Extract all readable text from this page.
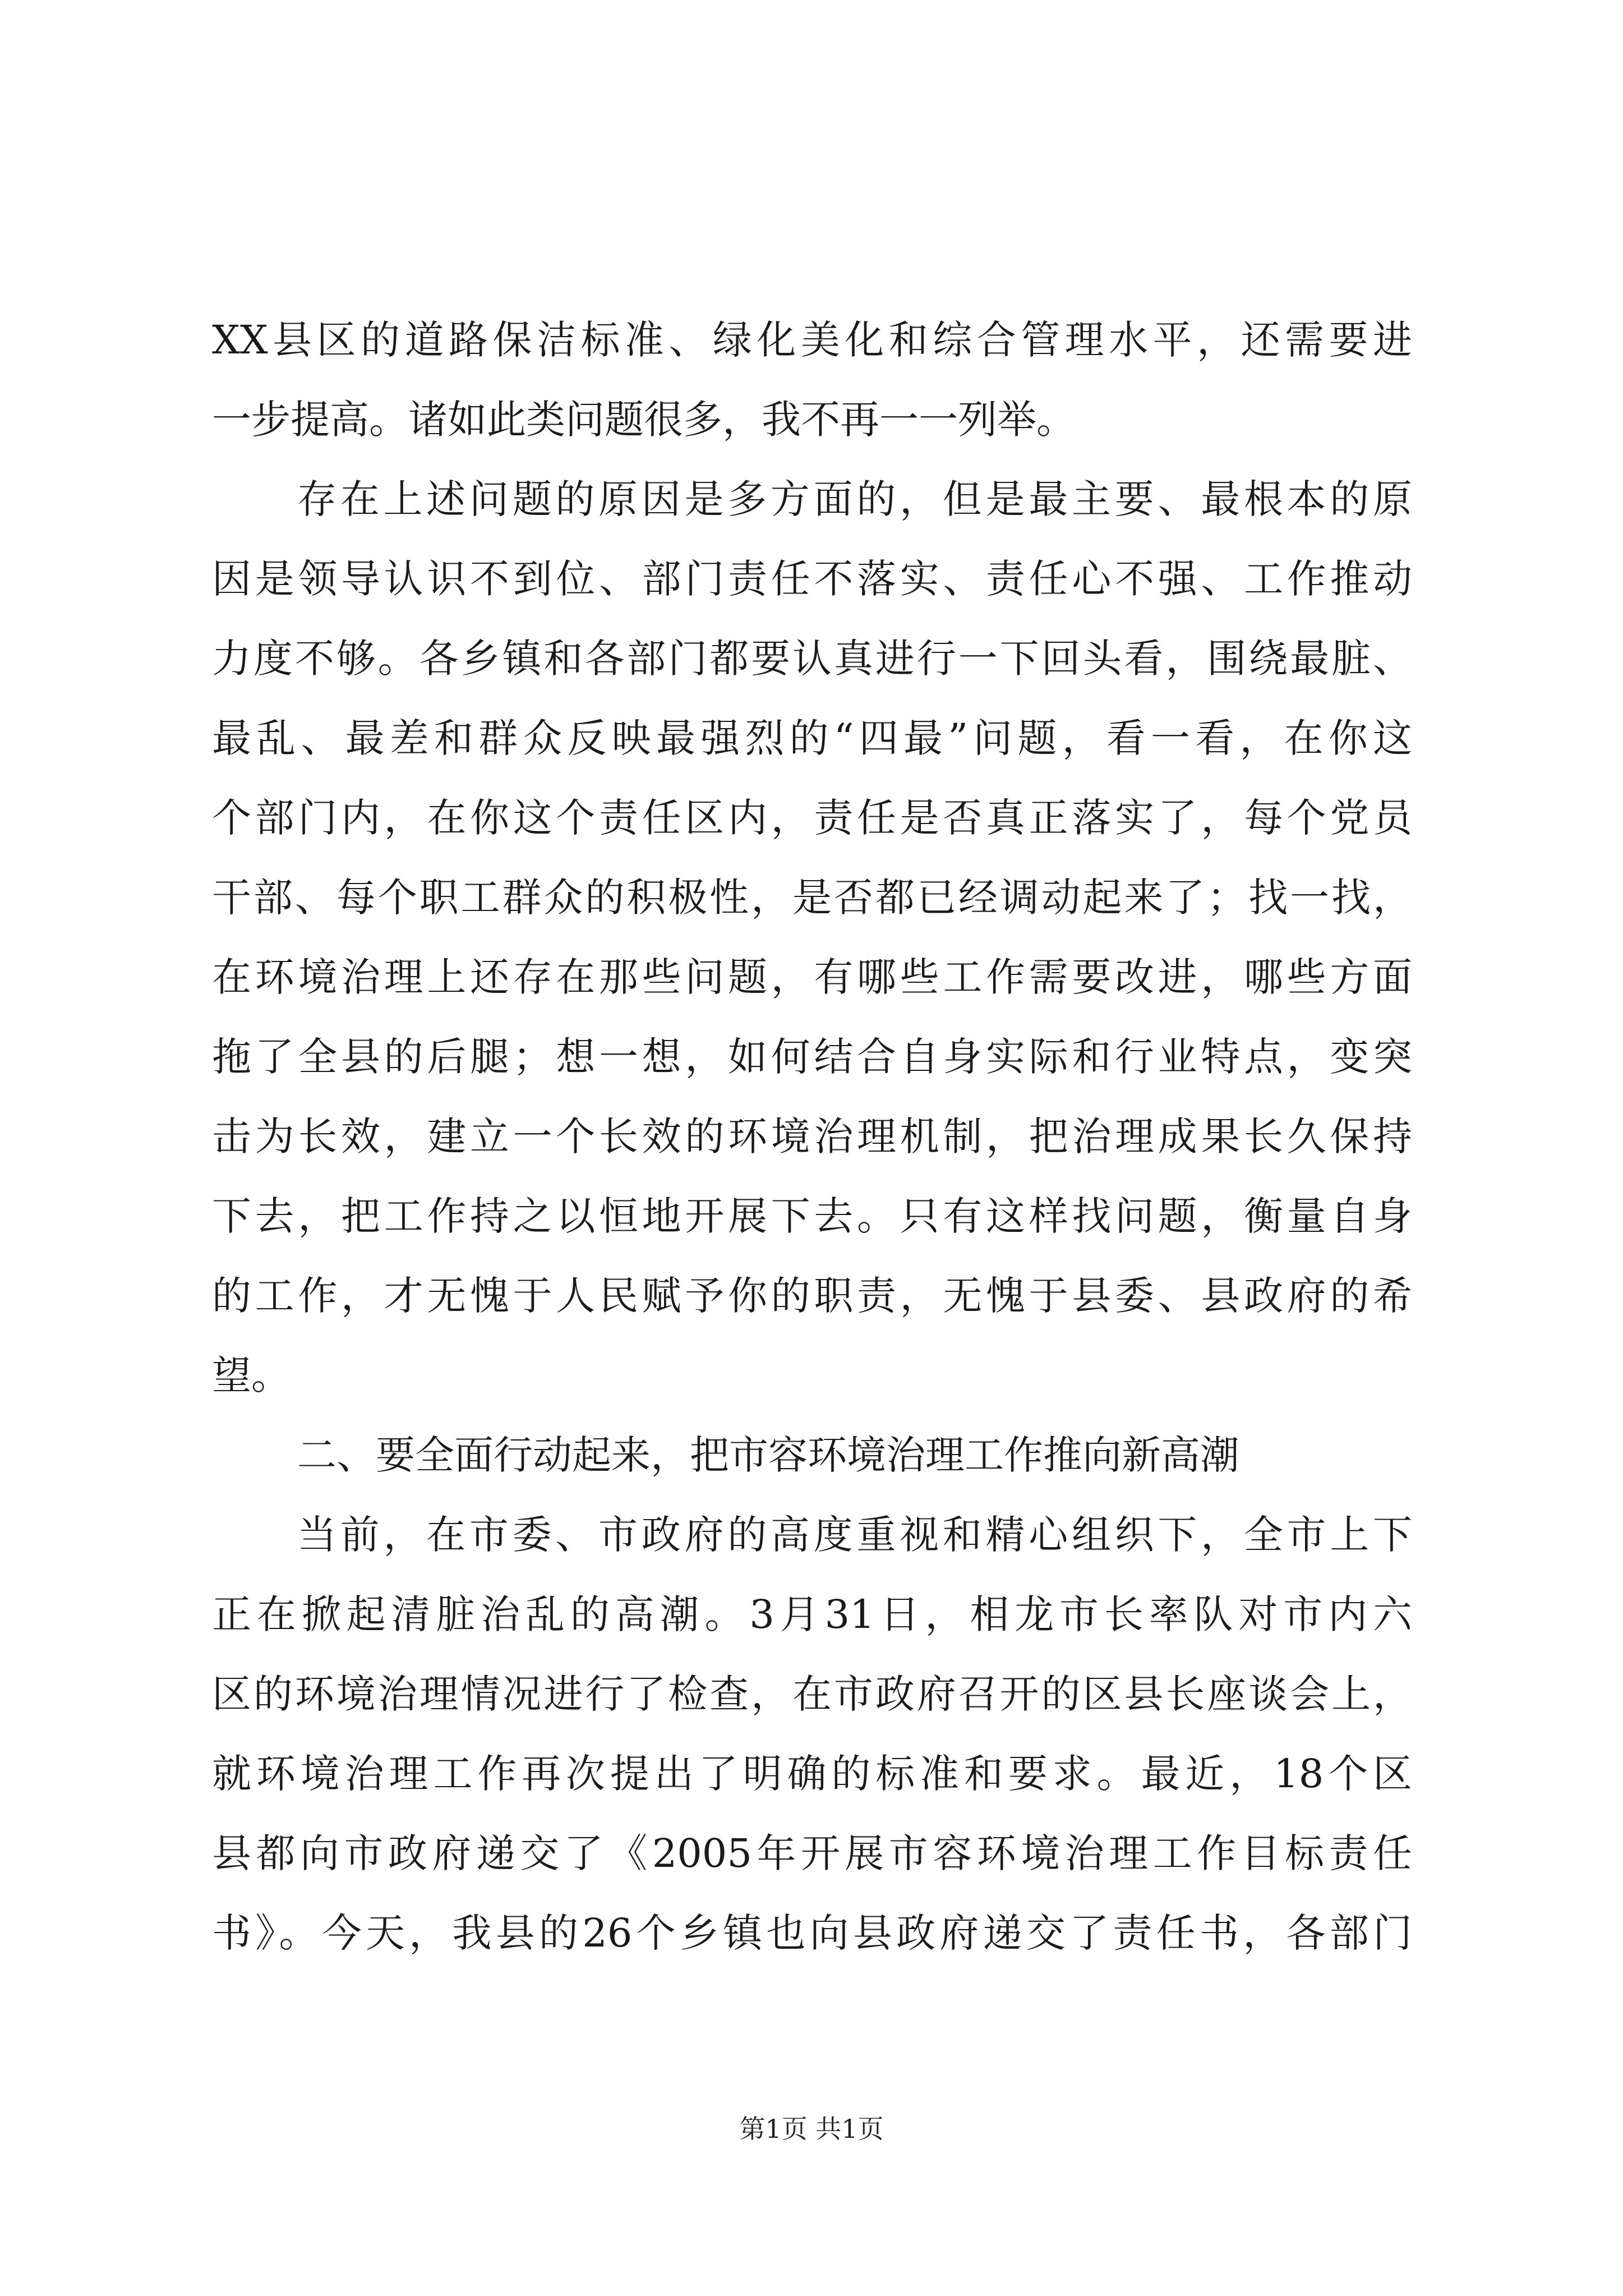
XX县区的道路保洁标准、绿化美化和综合管理水平，还需要进
一步提高。诸如此类问题很多，我不再一一列举。
存在上述问题的原因是多方面的，但是最主要、最根本的原
因是领导认识不到位、部门责任不落实、责任心不强、工作推动
力度不够。各乡镇和各部门都要认真进行一下回头看，围绕最脏、
最乱、最差和群众反映最强烈的“四最”问题，看一看，在你这
个部门内，在你这个责任区内，责任是否真正落实了，每个党员
干部、每个职工群众的积极性，是否都已经调动起来了；找一找，
在环境治理上还存在那些问题，有哪些工作需要改进，哪些方面
拖了全县的后腿；想一想，如何结合自身实际和行业特点，变突
击为长效，建立一个长效的环境治理机制，把治理成果长久保持
下去，把工作持之以恒地开展下去。只有这样找问题，衡量自身
的工作，才无愧于人民赋予你的职责，无愧于县委、县政府的希
望。
二、要全面行动起来，把市容环境治理工作推向新高潮
当前，在市委、市政府的高度重视和精心组织下，全市上下
正在掀起清脏治乱的高潮。3月31日，相龙市长率队对市内六
区的环境治理情况进行了检查，在市政府召开的区县长座谈会上，
就环境治理工作再次提出了明确的标准和要求。最近，18个区
县都向市政府递交了《2005年开展市容环境治理工作目标责任
书》。今天，我县的26个乡镇也向县政府递交了责任书，各部门
第1页 共1页
